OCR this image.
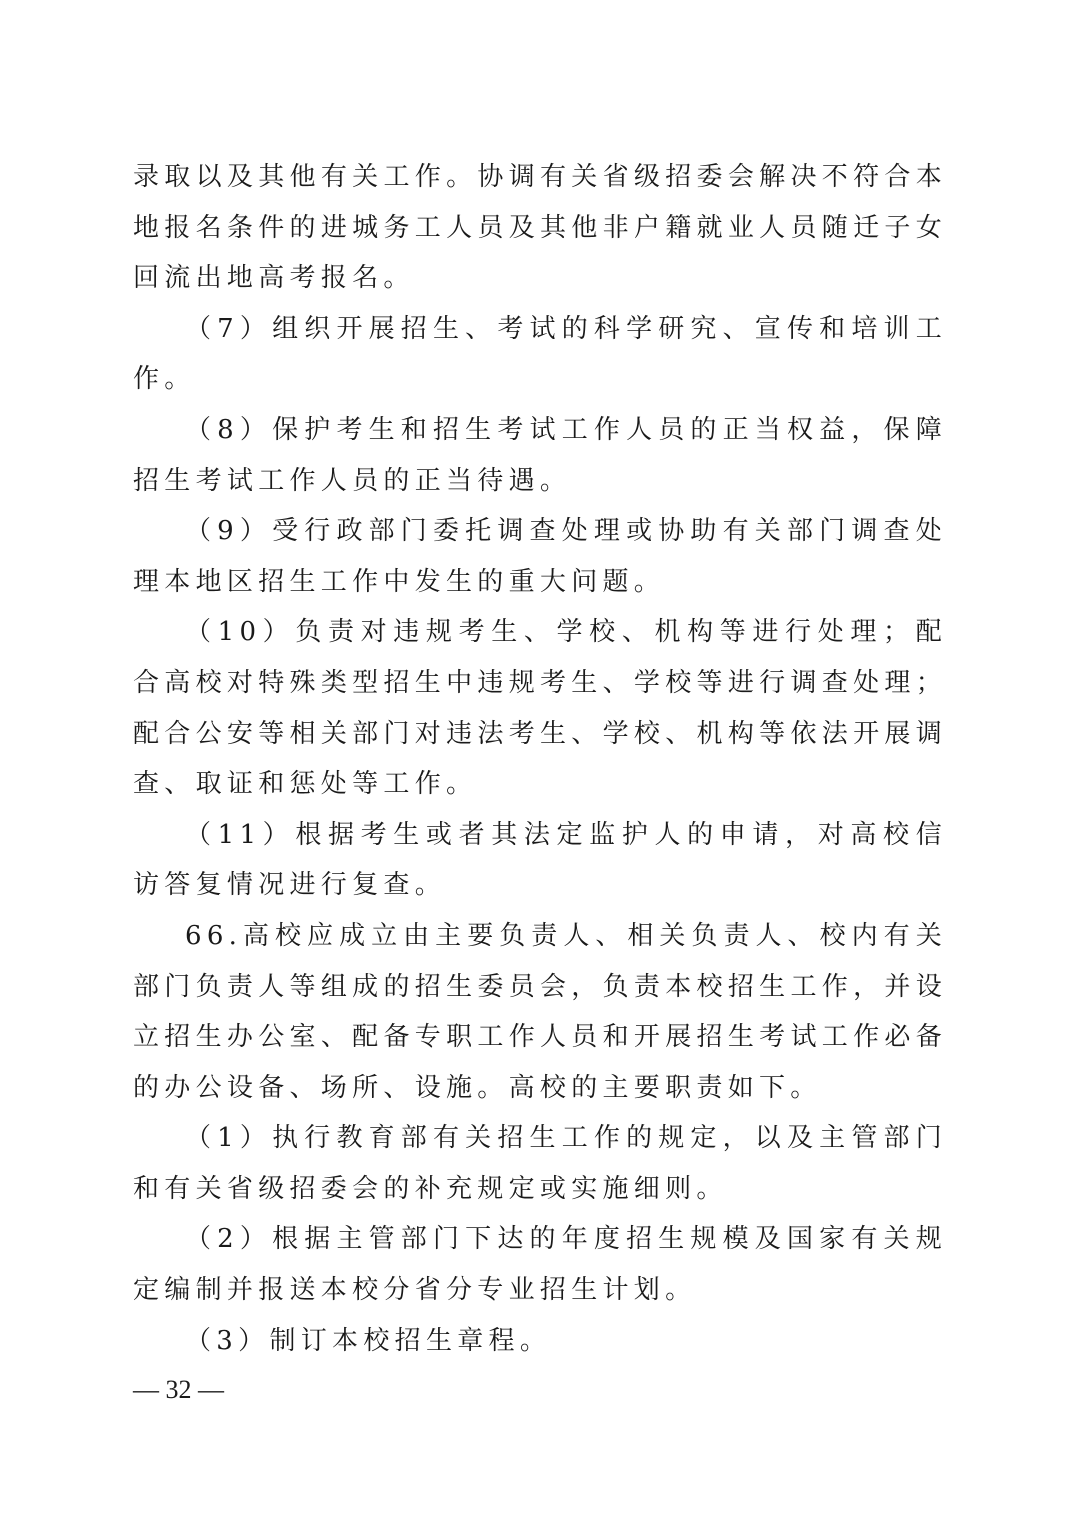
录取以及其他有关工作。协调有关省级招委会解决不符合本地报名条件的进城务工人员及其他非户籍就业人员随迁子女回流出地高考报名。

（7）组织开展招生、考试的科学研究、宣传和培训工作。

（8）保护考生和招生考试工作人员的正当权益，保障招生考试工作人员的正当待遇。

（9）受行政部门委托调查处理或协助有关部门调查处理本地区招生工作中发生的重大问题。

（10）负责对违规考生、学校、机构等进行处理；配合高校对特殊类型招生中违规考生、学校等进行调查处理；配合公安等相关部门对违法考生、学校、机构等依法开展调查、取证和惩处等工作。

（11）根据考生或者其法定监护人的申请，对高校信访答复情况进行复查。

66.高校应成立由主要负责人、相关负责人、校内有关部门负责人等组成的招生委员会，负责本校招生工作，并设立招生办公室、配备专职工作人员和开展招生考试工作必备的办公设备、场所、设施。高校的主要职责如下。

（1）执行教育部有关招生工作的规定，以及主管部门和有关省级招委会的补充规定或实施细则。

（2）根据主管部门下达的年度招生规模及国家有关规定编制并报送本校分省分专业招生计划。

（3）制订本校招生章程。

— 32 —
